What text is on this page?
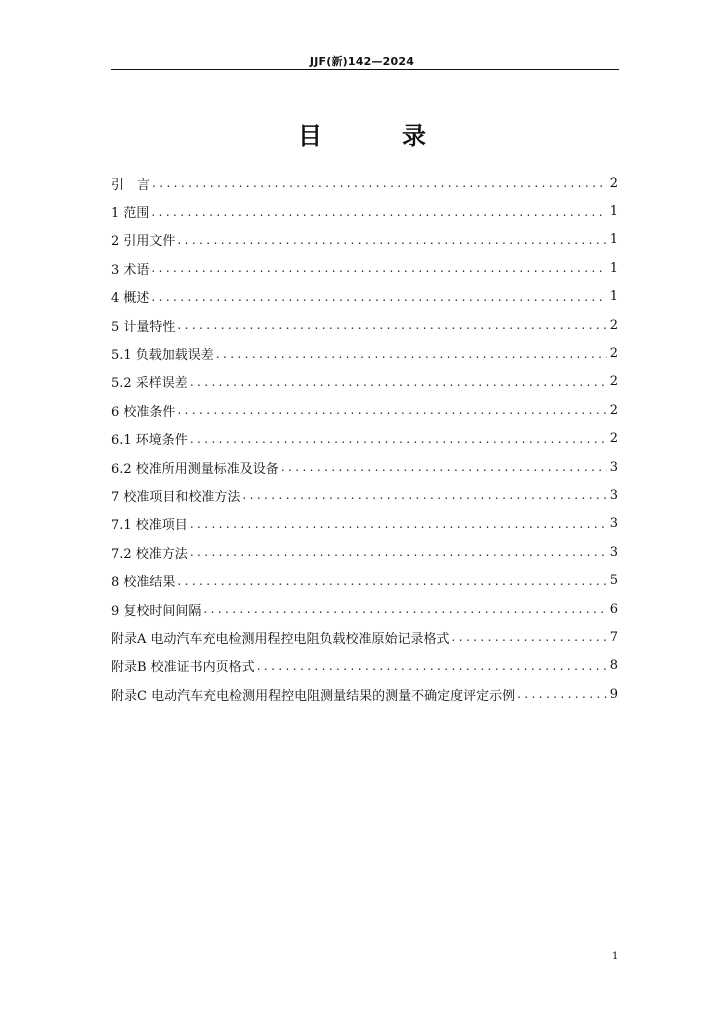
JJF(新)142—2024
目　录
引　言 .....	2
1 范围 .....	1
2 引用文件 .....	1
3 术语 .....	1
4 概述 .....	1
5 计量特性 .....	2
5.1 负载加载误差 .....	2
5.2 采样误差 .....	2
6 校准条件 .....	2
6.1 环境条件 .....	2
6.2 校准所用测量标准及设备 .....	3
7 校准项目和校准方法 .....	3
7.1 校准项目 .....	3
7.2 校准方法 .....	3
8 校准结果 .....	5
9 复校时间间隔 .....	6
附录A 电动汽车充电检测用程控电阻负载校准原始记录格式 .....	7
附录B 校准证书内页格式 .....	8
附录C 电动汽车充电检测用程控电阻测量结果的测量不确定度评定示例 .....	9
1
